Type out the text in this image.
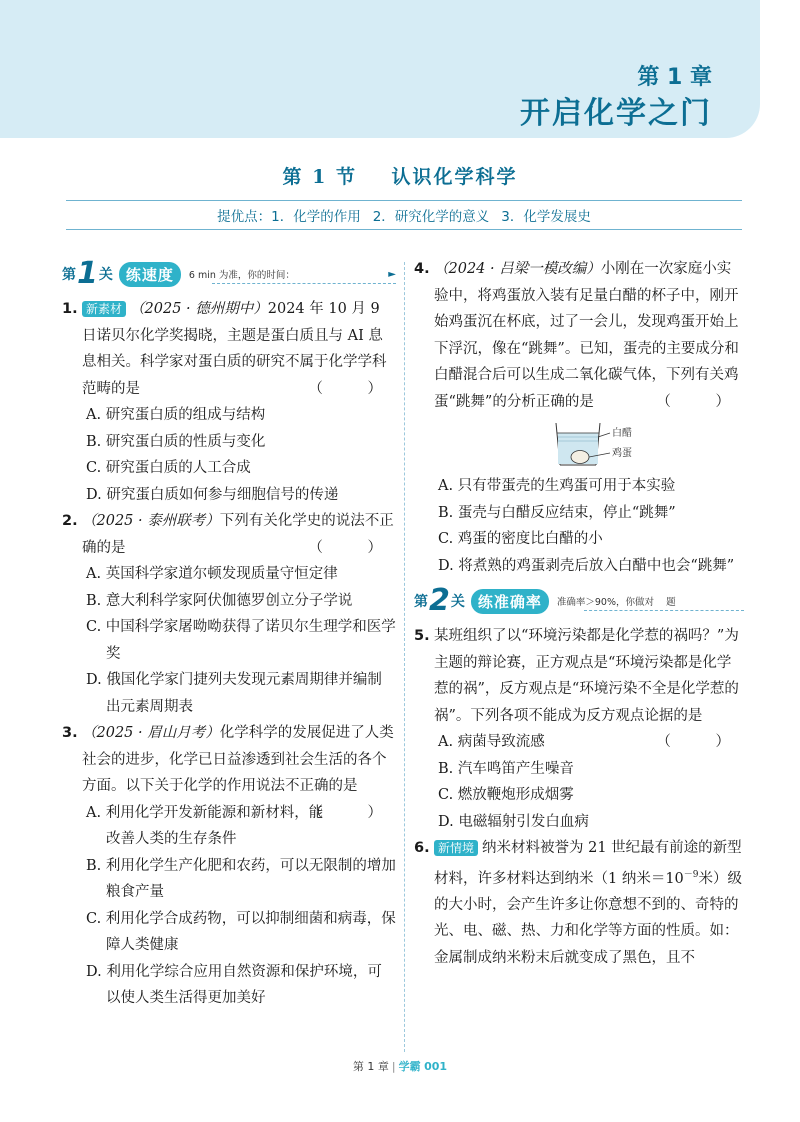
第 1 章
开启化学之门
第 1 节    认识化学科学
提优点： 1．化学的作用 2．研究化学的意义 3．化学发展史
第 1 关 练速度	6 min 为准，你的时间：	►
1. 新素材 （2025 · 德州期中）2024 年 10 月 9 日诺贝尔化学奖揭晓，主题是蛋白质且与 AI 息息相关。科学家对蛋白质的研究不属于化学学科范畴的是	（ ）
A. 研究蛋白质的组成与结构
B. 研究蛋白质的性质与变化
C. 研究蛋白质的人工合成
D. 研究蛋白质如何参与细胞信号的传递
2. （2025 · 泰州联考）下列有关化学史的说法不正确的是	（ ）
A. 英国科学家道尔顿发现质量守恒定律
B. 意大利科学家阿伏伽德罗创立分子学说
C. 中国科学家屠呦呦获得了诺贝尔生理学和医学奖
D. 俄国化学家门捷列夫发现元素周期律并编制出元素周期表
3. （2025 · 眉山月考）化学科学的发展促进了人类社会的进步，化学已日益渗透到社会生活的各个方面。以下关于化学的作用说法不正确的是
（ ）
A. 利用化学开发新能源和新材料，能改善人类的生存条件
B. 利用化学生产化肥和农药，可以无限制的增加粮食产量
C. 利用化学合成药物，可以抑制细菌和病毒，保障人类健康
D. 利用化学综合应用自然资源和保护环境，可以使人类生活得更加美好
4. （2024 · 吕梁一模改编）小刚在一次家庭小实验中，将鸡蛋放入装有足量白醋的杯子中，刚开始鸡蛋沉在杯底，过了一会儿，发现鸡蛋开始上下浮沉，像在“跳舞”。已知，蛋壳的主要成分和白醋混合后可以生成二氧化碳气体，下列有关鸡蛋“跳舞”的分析正确的是	（ ）
白醋
鸡蛋
A. 只有带蛋壳的生鸡蛋可用于本实验
B. 蛋壳与白醋反应结束，停止“跳舞”
C. 鸡蛋的密度比白醋的小
D. 将煮熟的鸡蛋剥壳后放入白醋中也会“跳舞”
第 2 关 练准确率	准确率＞90%，你做对    题
5. 某班组织了以“环境污染都是化学惹的祸吗？”为主题的辩论赛，正方观点是“环境污染都是化学惹的祸”，反方观点是“环境污染不全是化学惹的祸”。下列各项不能成为反方观点论据的是
（ ）
A. 病菌导致流感
B. 汽车鸣笛产生噪音
C. 燃放鞭炮形成烟雾
D. 电磁辐射引发白血病
6. 新情境 纳米材料被誉为 21 世纪最有前途的新型材料，许多材料达到纳米（1 纳米$=10^{-9}$米）级的大小时，会产生许多让你意想不到的、奇特的光、电、磁、热、力和化学等方面的性质。如：金属制成纳米粉末后就变成了黑色，且不
第 1 章 | 学霸 001
